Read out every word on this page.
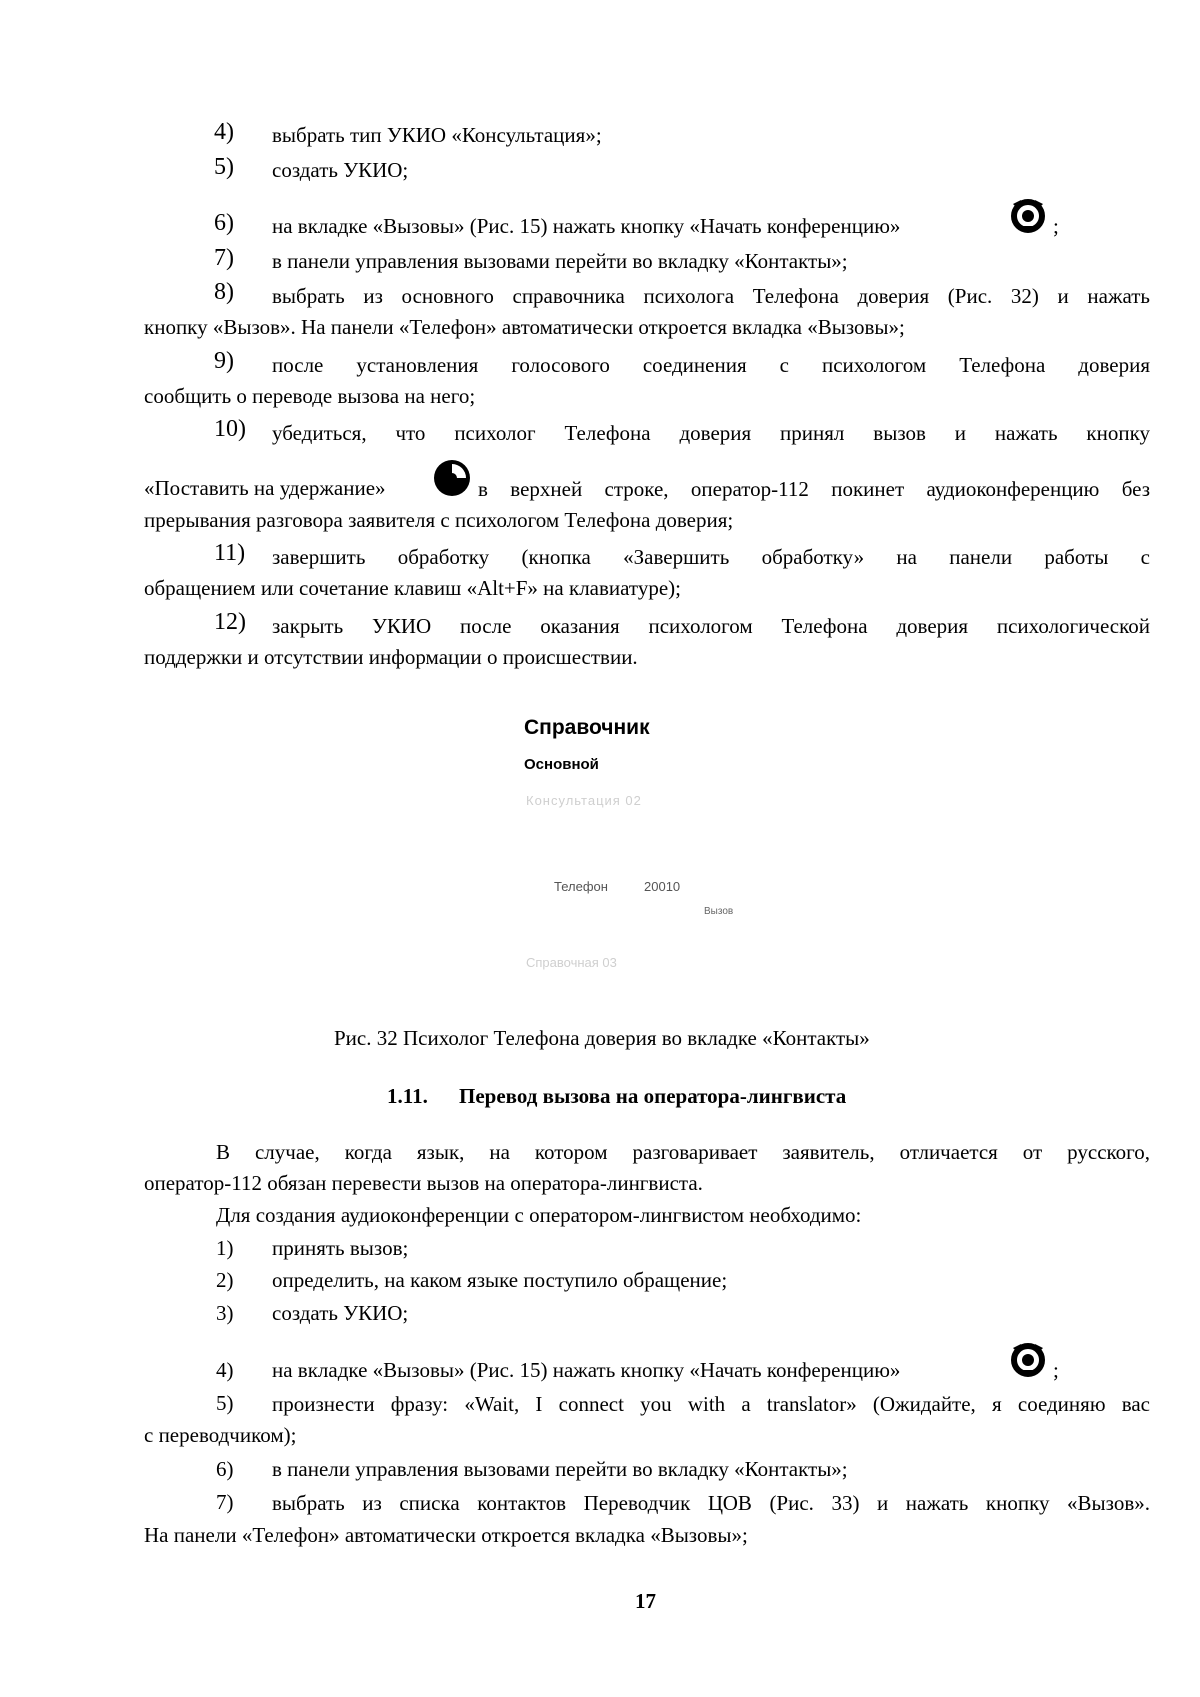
4) выбрать тип УКИО «Консультация»;
5) создать УКИО;
6) на вкладке «Вызовы» (Рис. 15) нажать кнопку «Начать конференцию»	;
7) в панели управления вызовами перейти во вкладку «Контакты»;
8) выбрать из основного справочника психолога Телефона доверия (Рис. 32) и нажать
кнопку «Вызов». На панели «Телефон» автоматически откроется вкладка «Вызовы»;
9) после установления голосового соединения с психологом Телефона доверия
сообщить о переводе вызова на него;
10) убедиться, что психолог Телефона доверия принял вызов и нажать кнопку
«Поставить на удержание»	в верхней строке, оператор-112 покинет аудиоконференцию без
прерывания разговора заявителя с психологом Телефона доверия;
11) завершить обработку (кнопка «Завершить обработку» на панели работы с
обращением или сочетание клавиш «Alt+F» на клавиатуре);
12) закрыть УКИО после оказания психологом Телефона доверия психологической
поддержки и отсутствии информации о происшествии.
Справочник
Основной
Консультация 02
Телефон	20010
Вызов
Справочная 03
Рис. 32 Психолог Телефона доверия во вкладке «Контакты»
1.11. Перевод вызова на оператора-лингвиста
В случае, когда язык, на котором разговаривает заявитель, отличается от русского,
оператор-112 обязан перевести вызов на оператора-лингвиста.
Для создания аудиоконференции с оператором-лингвистом необходимо:
1) принять вызов;
2) определить, на каком языке поступило обращение;
3) создать УКИО;
4) на вкладке «Вызовы» (Рис. 15) нажать кнопку «Начать конференцию»	;
5) произнести фразу: «Wait, I connect you with a translator» (Ожидайте, я соединяю вас
с переводчиком);
6) в панели управления вызовами перейти во вкладку «Контакты»;
7) выбрать из списка контактов Переводчик ЦОВ (Рис. 33) и нажать кнопку «Вызов».
На панели «Телефон» автоматически откроется вкладка «Вызовы»;
17
